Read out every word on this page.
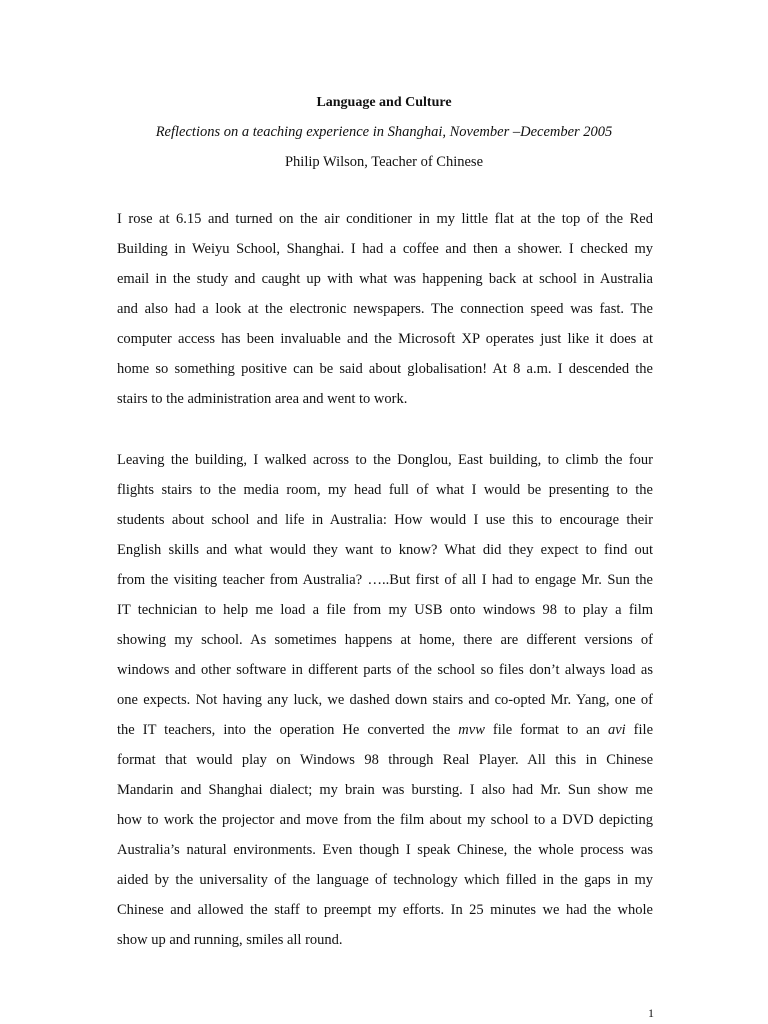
Language and Culture
Reflections on a teaching experience in Shanghai, November –December 2005
Philip Wilson, Teacher of Chinese
I rose at 6.15 and turned on the air conditioner in my little flat at the top of the Red
Building in Weiyu School, Shanghai. I had a coffee and then a shower. I checked my
email in the study and caught up with what was happening back at school in Australia
and also had a look at the electronic newspapers. The connection speed was fast. The
computer access has been invaluable and the Microsoft XP operates just like it does at
home so something positive can be said about globalisation! At 8 a.m. I descended the
stairs to the administration area and went to work.
Leaving the building, I walked across to the Donglou, East building, to climb the four
flights stairs to the media room, my head full of what I would be presenting to the
students about school and life in Australia: How would I use this to encourage their
English skills and what would they want to know? What did they expect to find out
from the visiting teacher from Australia? …..But first of all I had to engage Mr. Sun the
IT technician to help me load a file from my USB onto windows 98 to play a film
showing my school. As sometimes happens at home, there are different versions of
windows and other software in different parts of the school so files don’t always load as
one expects. Not having any luck, we dashed down stairs and co-opted Mr. Yang, one of
the IT teachers, into the operation He converted the mvw file format to an avi file
format that would play on Windows 98 through Real Player. All this in Chinese
Mandarin and Shanghai dialect; my brain was bursting. I also had Mr. Sun show me
how to work the projector and move from the film about my school to a DVD depicting
Australia’s natural environments. Even though I speak Chinese, the whole process was
aided by the universality of the language of technology which filled in the gaps in my
Chinese and allowed the staff to preempt my efforts. In 25 minutes we had the whole
show up and running, smiles all round.
1
